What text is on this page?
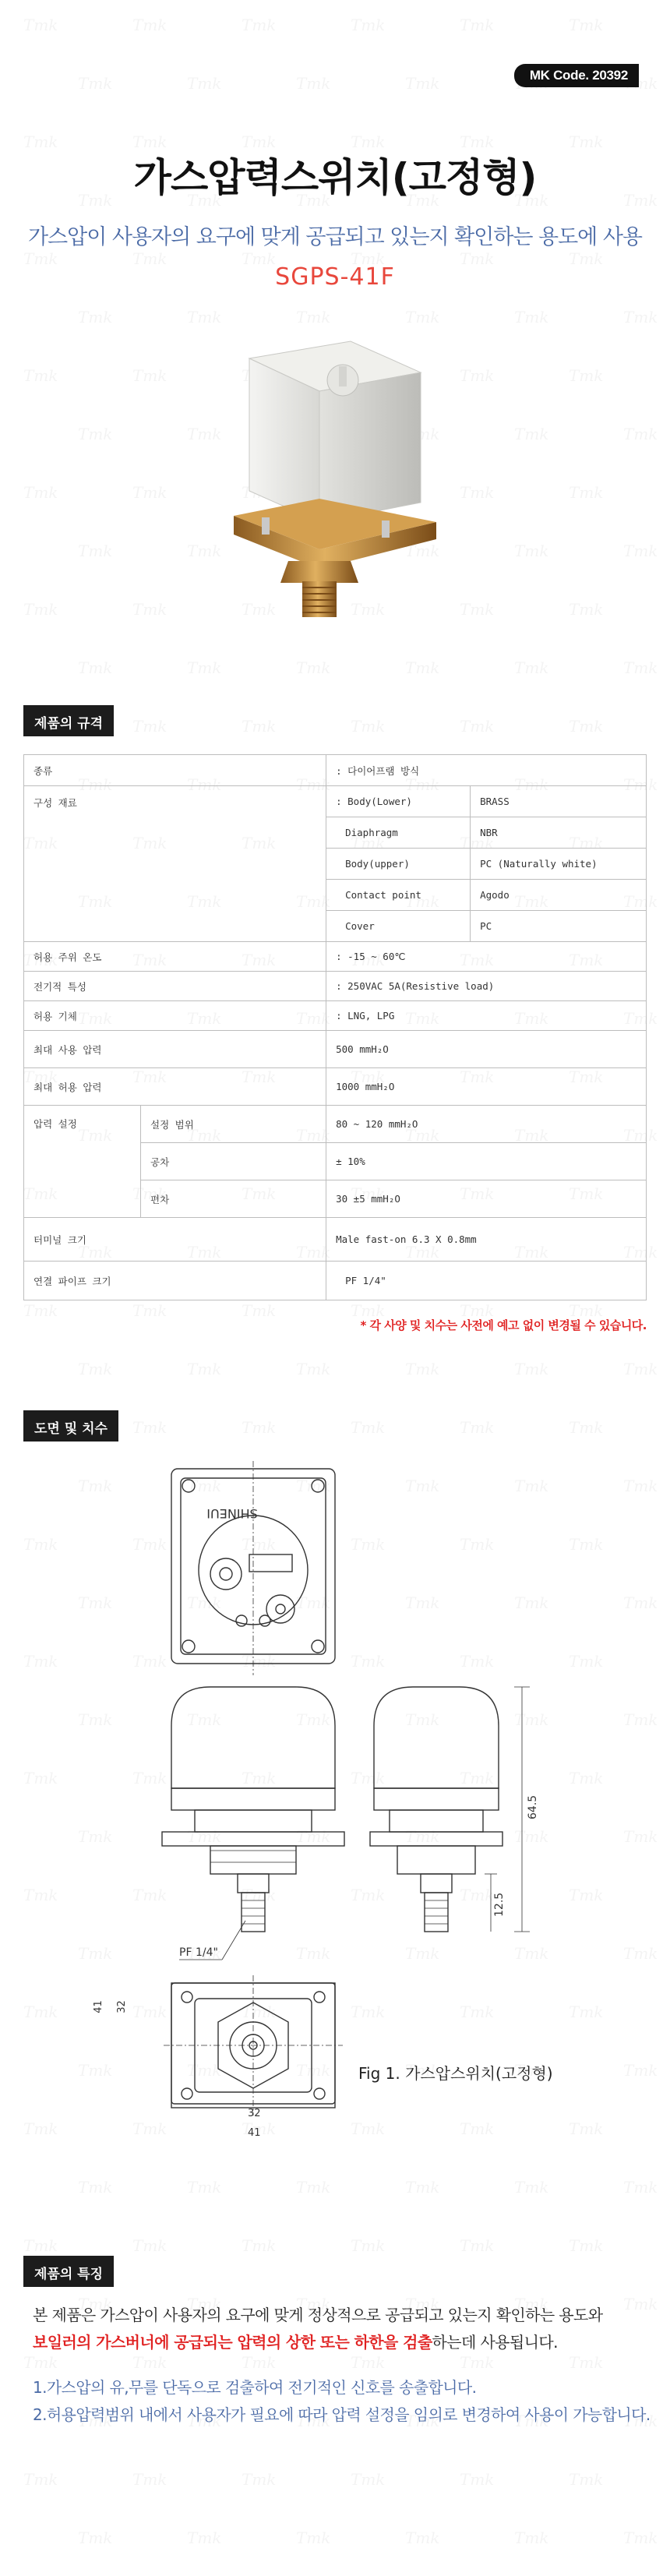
MK Code. 20392
가스압력스위치(고정형)
가스압이 사용자의 요구에 맞게 공급되고 있는지 확인하는 용도에 사용
SGPS-41F
제품의 규격
종류		: 다이어프램 방식	
구성 재료		: Body(Lower)	BRASS
		Diaphragm	NBR
		Body(upper)	PC (Naturally white)
		Contact point	Agodo
		Cover	PC
허용 주위 온도		: -15 ~ 60℃	
전기적 특성		: 250VAC 5A(Resistive load)	
허용 기체		: LNG, LPG	
최대 사용 압력		500 mmH₂O	
최대 허용 압력		1000 mmH₂O	
압력 설정	설정 범위	80 ~ 120 mmH₂O	
	공차	± 10%	
	편차	30 ±5 mmH₂O	
터미널 크기		Male fast-on 6.3 X 0.8mm	
연결 파이프 크기		PF 1/4"	
* 각 사양 및 치수는 사전에 예고 없이 변경될 수 있습니다.
도면 및 치수
SHINEUI
64.5
12.5
PF 1/4"
Fig 1. 가스압스위치(고정형)
32
41
32
41
제품의 특징
본 제품은 가스압이 사용자의 요구에 맞게 정상적으로 공급되고 있는지 확인하는 용도와
보일러의 가스버너에 공급되는 압력의 상한 또는 하한을 검출하는데 사용됩니다.
1.가스압의 유,무를 단독으로 검출하여 전기적인 신호를 송출합니다.
2.허용압력범위 내에서 사용자가 필요에 따라 압력 설정을 임의로 변경하여 사용이 가능합니다.
